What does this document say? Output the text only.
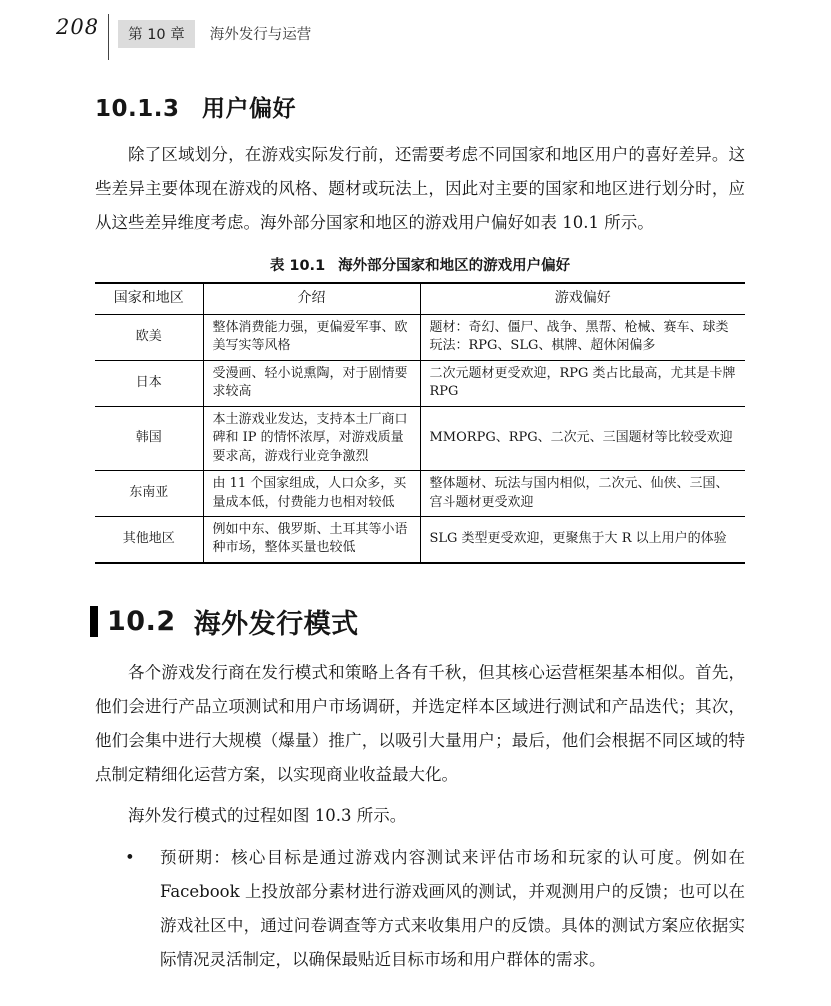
208	第 10 章	海外发行与运营
10.1.3 用户偏好

除了区域划分，在游戏实际发行前，还需要考虑不同国家和地区用户的喜好差异。这些差异主要体现在游戏的风格、题材或玩法上，因此对主要的国家和地区进行划分时，应从这些差异维度考虑。海外部分国家和地区的游戏用户偏好如表 10.1 所示。

表 10.1 海外部分国家和地区的游戏用户偏好
国家和地区	介绍	游戏偏好
欧美	整体消费能力强，更偏爱军事、欧美写实等风格	题材：奇幻、僵尸、战争、黑帮、枪械、赛车、球类
玩法：RPG、SLG、棋牌、超休闲偏多

日本	受漫画、轻小说熏陶，对于剧情要求较高	二次元题材更受欢迎，RPG 类占比最高，尤其是卡牌 RPG

韩国	本土游戏业发达，支持本土厂商口碑和 IP 的情怀浓厚，对游戏质量要求高，游戏行业竞争激烈	MMORPG、RPG、二次元、三国题材等比较受欢迎

东南亚	由 11 个国家组成，人口众多，买量成本低，付费能力也相对较低	整体题材、玩法与国内相似，二次元、仙侠、三国、宫斗题材更受欢迎

其他地区	例如中东、俄罗斯、土耳其等小语种市场，整体买量也较低	SLG 类型更受欢迎，更聚焦于大 R 以上用户的体验
10.2 海外发行模式

各个游戏发行商在发行模式和策略上各有千秋，但其核心运营框架基本相似。首先，他们会进行产品立项测试和用户市场调研，并选定样本区域进行测试和产品迭代；其次，他们会集中进行大规模（爆量）推广，以吸引大量用户；最后，他们会根据不同区域的特点制定精细化运营方案，以实现商业收益最大化。

海外发行模式的过程如图 10.3 所示。

•	预研期：核心目标是通过游戏内容测试来评估市场和玩家的认可度。例如在 Facebook 上投放部分素材进行游戏画风的测试，并观测用户的反馈；也可以在游戏社区中，通过问卷调查等方式来收集用户的反馈。具体的测试方案应依据实际情况灵活制定，以确保最贴近目标市场和用户群体的需求。
